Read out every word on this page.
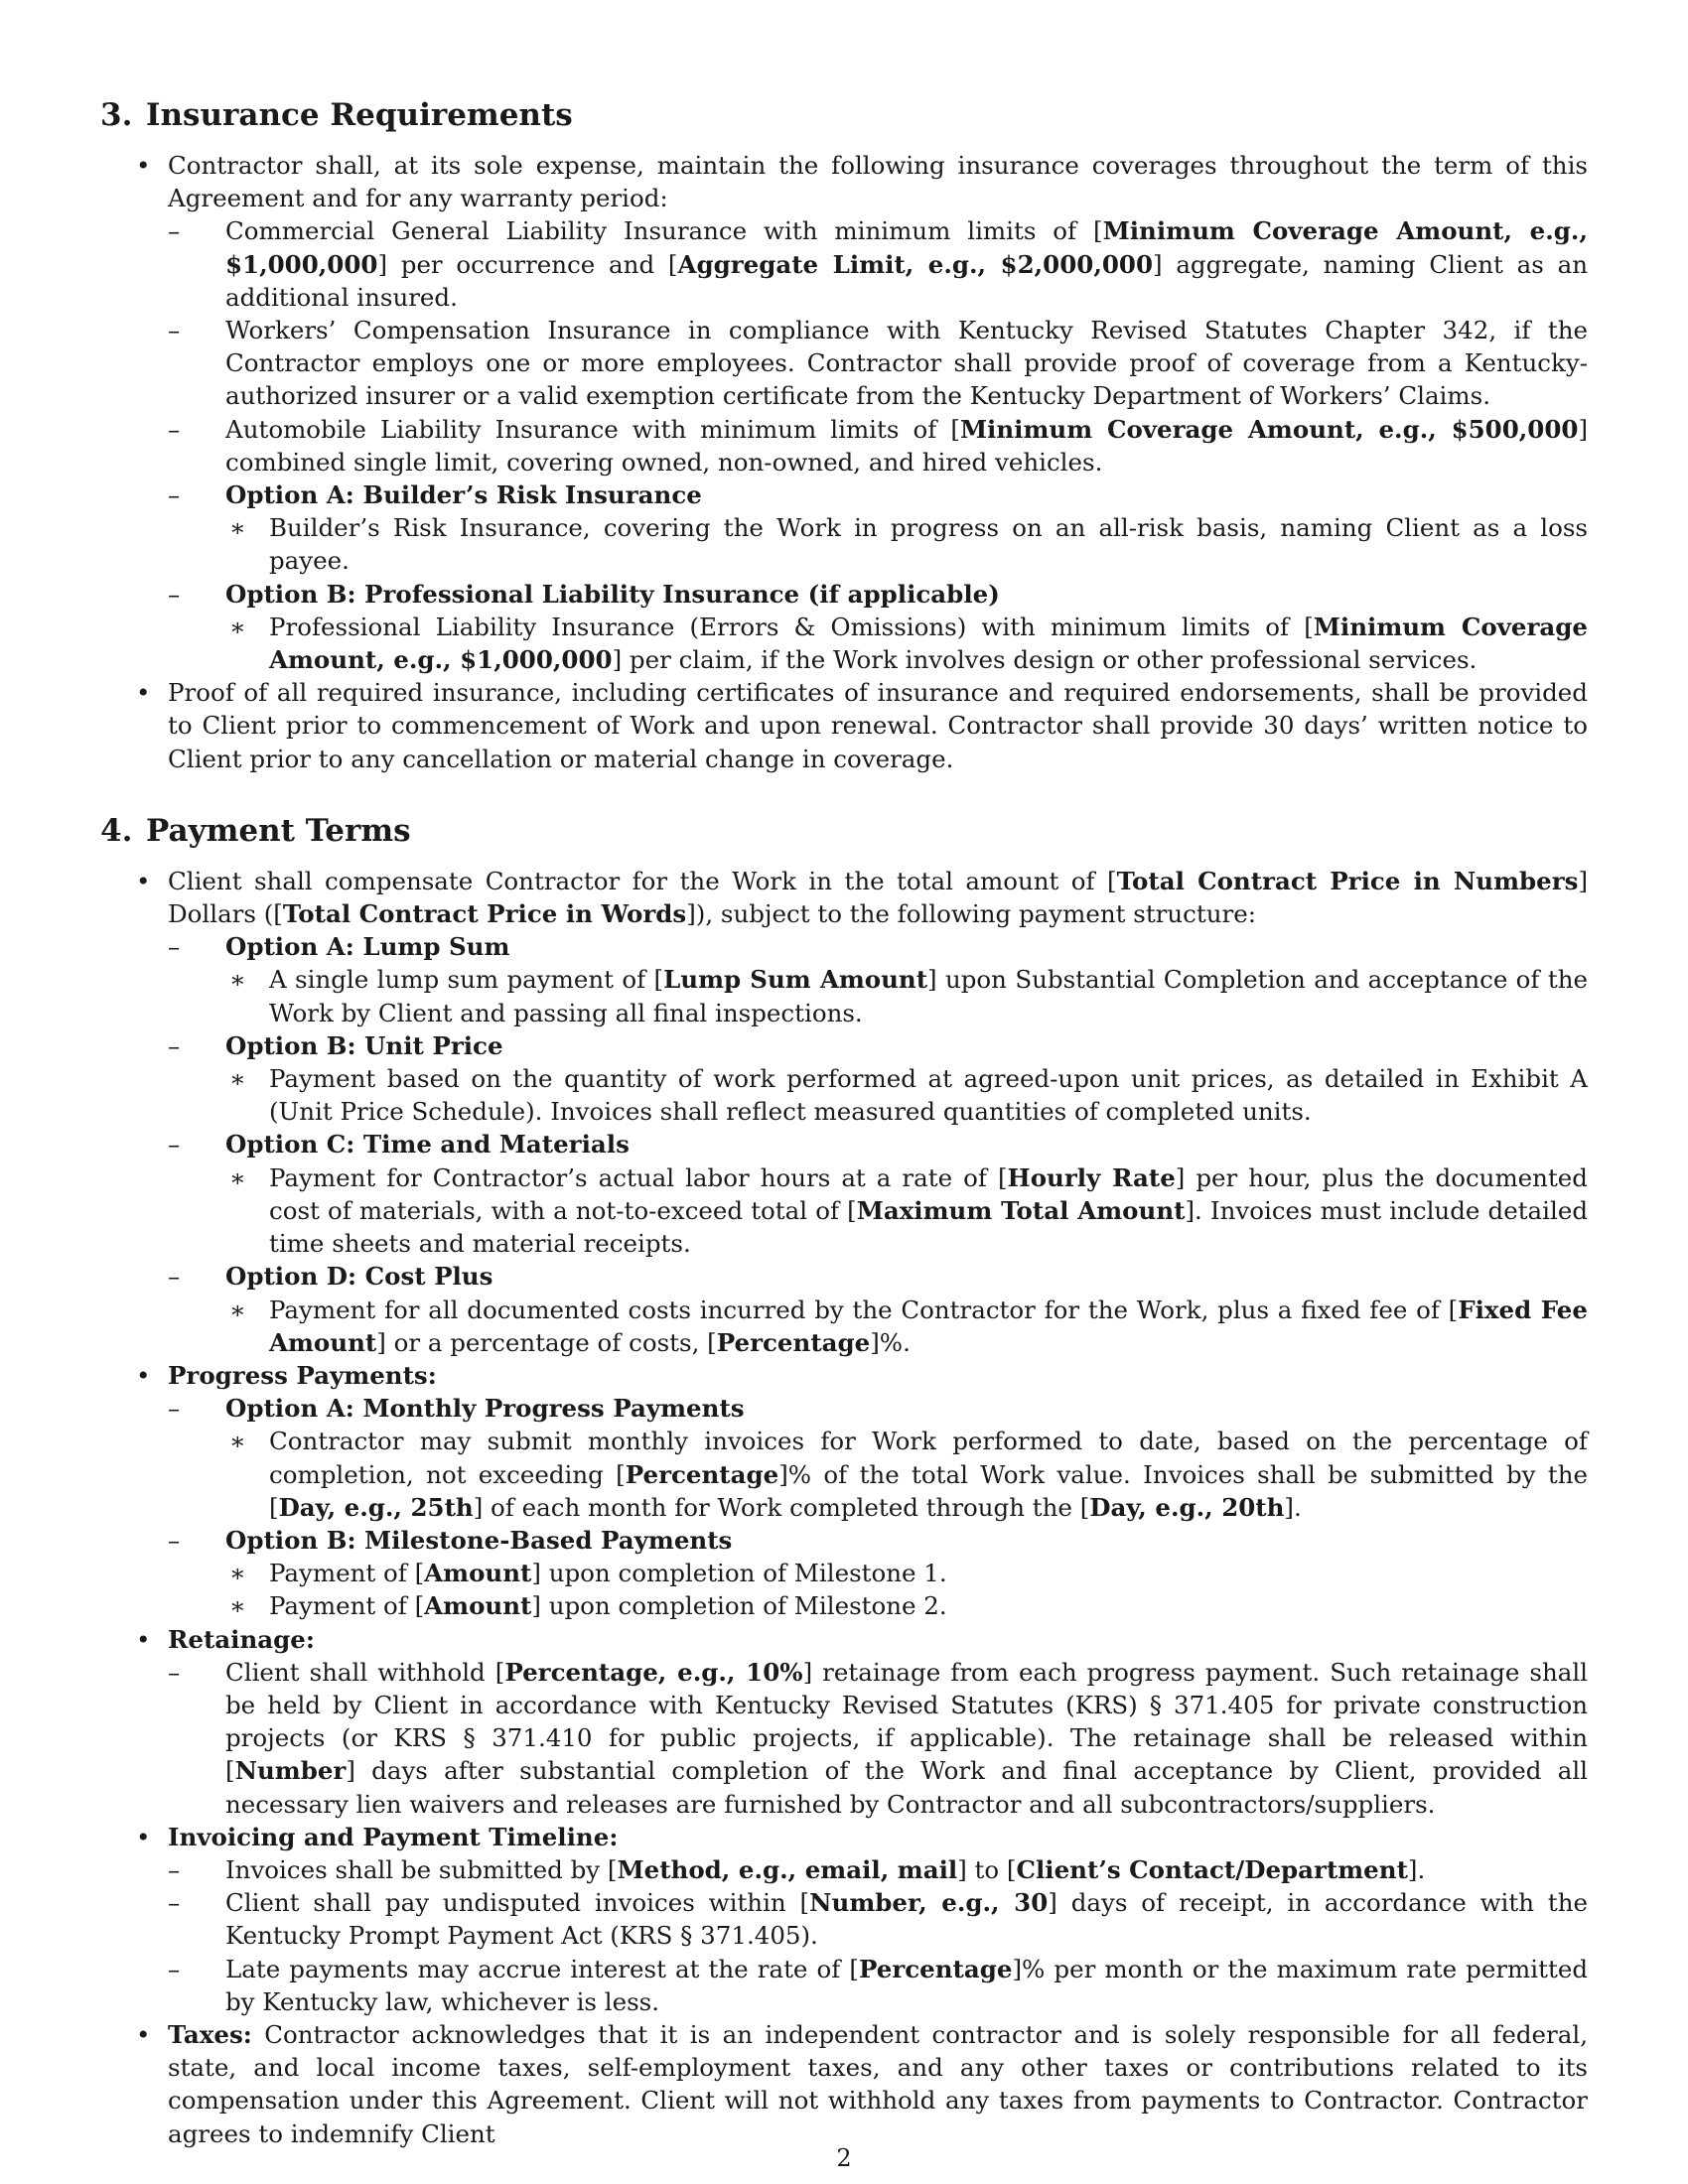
3. Insurance Requirements
• Contractor shall, at its sole expense, maintain the following insurance coverages throughout the term of this Agreement and for any warranty period:
– Commercial General Liability Insurance with minimum limits of [Minimum Coverage Amount, e.g., $1,000,000] per occurrence and [Aggregate Limit, e.g., $2,000,000] aggregate, naming Client as an additional insured.
– Workers’ Compensation Insurance in compliance with Kentucky Revised Statutes Chapter 342, if the Contractor employs one or more employees. Contractor shall provide proof of coverage from a Kentucky-authorized insurer or a valid exemption certificate from the Kentucky Department of Workers’ Claims.
– Automobile Liability Insurance with minimum limits of [Minimum Coverage Amount, e.g., $500,000] combined single limit, covering owned, non-owned, and hired vehicles.
– Option A: Builder’s Risk Insurance
∗ Builder’s Risk Insurance, covering the Work in progress on an all-risk basis, naming Client as a loss payee.
– Option B: Professional Liability Insurance (if applicable)
∗ Professional Liability Insurance (Errors & Omissions) with minimum limits of [Minimum Coverage Amount, e.g., $1,000,000] per claim, if the Work involves design or other professional services.
• Proof of all required insurance, including certificates of insurance and required endorsements, shall be provided to Client prior to commencement of Work and upon renewal. Contractor shall provide 30 days’ written notice to Client prior to any cancellation or material change in coverage.
4. Payment Terms
• Client shall compensate Contractor for the Work in the total amount of [Total Contract Price in Numbers] Dollars ([Total Contract Price in Words]), subject to the following payment structure:
– Option A: Lump Sum
∗ A single lump sum payment of [Lump Sum Amount] upon Substantial Completion and acceptance of the Work by Client and passing all final inspections.
– Option B: Unit Price
∗ Payment based on the quantity of work performed at agreed-upon unit prices, as detailed in Exhibit A (Unit Price Schedule). Invoices shall reflect measured quantities of completed units.
– Option C: Time and Materials
∗ Payment for Contractor’s actual labor hours at a rate of [Hourly Rate] per hour, plus the documented cost of materials, with a not-to-exceed total of [Maximum Total Amount]. Invoices must include detailed time sheets and material receipts.
– Option D: Cost Plus
∗ Payment for all documented costs incurred by the Contractor for the Work, plus a fixed fee of [Fixed Fee Amount] or a percentage of costs, [Percentage]%.
• Progress Payments:
– Option A: Monthly Progress Payments
∗ Contractor may submit monthly invoices for Work performed to date, based on the percentage of completion, not exceeding [Percentage]% of the total Work value. Invoices shall be submitted by the [Day, e.g., 25th] of each month for Work completed through the [Day, e.g., 20th].
– Option B: Milestone-Based Payments
∗ Payment of [Amount] upon completion of Milestone 1.
∗ Payment of [Amount] upon completion of Milestone 2.
• Retainage:
– Client shall withhold [Percentage, e.g., 10%] retainage from each progress payment. Such retainage shall be held by Client in accordance with Kentucky Revised Statutes (KRS) § 371.405 for private construction projects (or KRS § 371.410 for public projects, if applicable). The retainage shall be released within [Number] days after substantial completion of the Work and final acceptance by Client, provided all necessary lien waivers and releases are furnished by Contractor and all subcontractors/suppliers.
• Invoicing and Payment Timeline:
– Invoices shall be submitted by [Method, e.g., email, mail] to [Client’s Contact/Department].
– Client shall pay undisputed invoices within [Number, e.g., 30] days of receipt, in accordance with the Kentucky Prompt Payment Act (KRS § 371.405).
– Late payments may accrue interest at the rate of [Percentage]% per month or the maximum rate permitted by Kentucky law, whichever is less.
• Taxes: Contractor acknowledges that it is an independent contractor and is solely responsible for all federal, state, and local income taxes, self-employment taxes, and any other taxes or contributions related to its compensation under this Agreement. Client will not withhold any taxes from payments to Contractor. Contractor agrees to indemnify Client
2
